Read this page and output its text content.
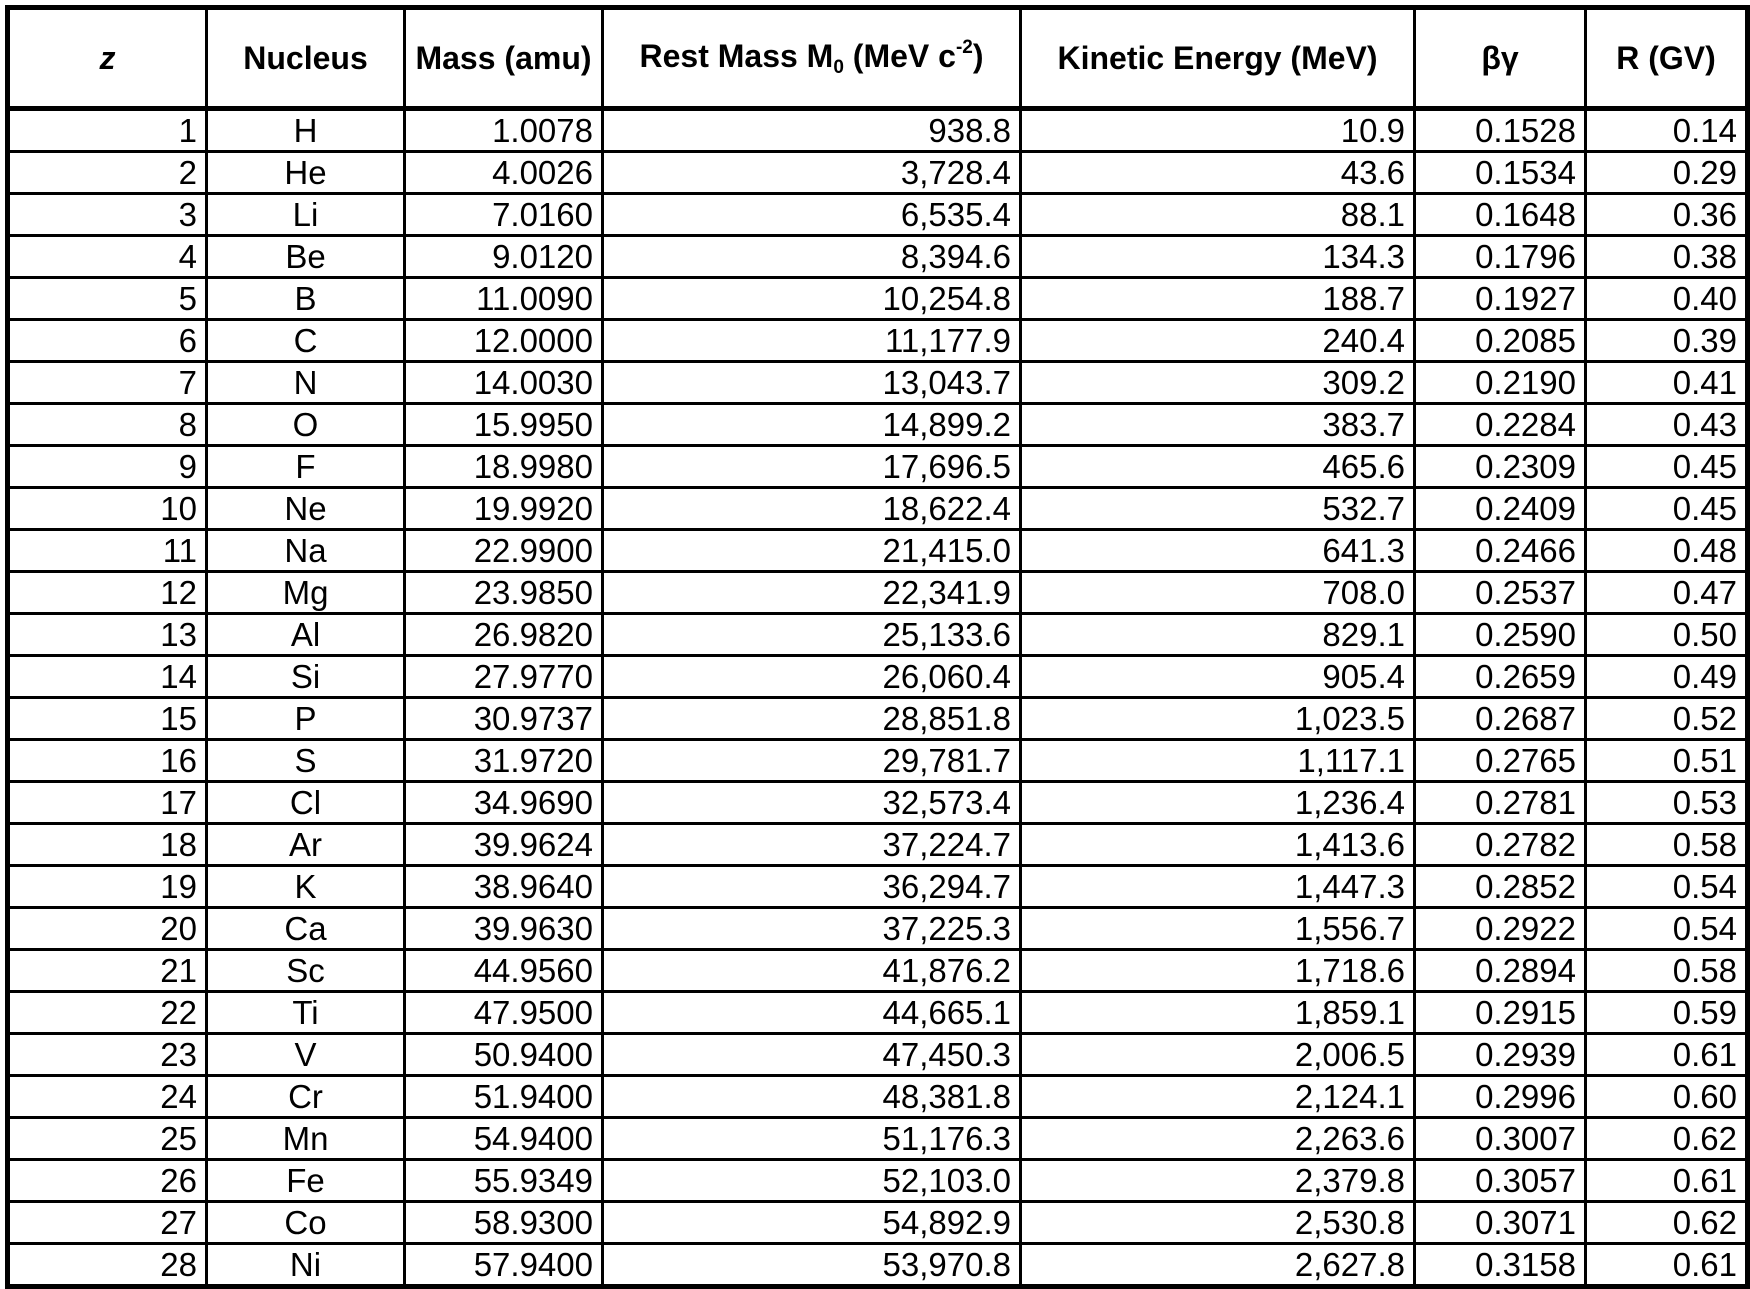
z	Nucleus	Mass (amu)	Rest Mass $M_0$ (MeV $c^{-2}$)	Kinetic Energy (MeV)	βγ	R (GV)
1	H	1.0078	938.8	10.9	0.1528	0.14
2	He	4.0026	3,728.4	43.6	0.1534	0.29
3	Li	7.0160	6,535.4	88.1	0.1648	0.36
4	Be	9.0120	8,394.6	134.3	0.1796	0.38
5	B	11.0090	10,254.8	188.7	0.1927	0.40
6	C	12.0000	11,177.9	240.4	0.2085	0.39
7	N	14.0030	13,043.7	309.2	0.2190	0.41
8	O	15.9950	14,899.2	383.7	0.2284	0.43
9	F	18.9980	17,696.5	465.6	0.2309	0.45
10	Ne	19.9920	18,622.4	532.7	0.2409	0.45
11	Na	22.9900	21,415.0	641.3	0.2466	0.48
12	Mg	23.9850	22,341.9	708.0	0.2537	0.47
13	Al	26.9820	25,133.6	829.1	0.2590	0.50
14	Si	27.9770	26,060.4	905.4	0.2659	0.49
15	P	30.9737	28,851.8	1,023.5	0.2687	0.52
16	S	31.9720	29,781.7	1,117.1	0.2765	0.51
17	Cl	34.9690	32,573.4	1,236.4	0.2781	0.53
18	Ar	39.9624	37,224.7	1,413.6	0.2782	0.58
19	K	38.9640	36,294.7	1,447.3	0.2852	0.54
20	Ca	39.9630	37,225.3	1,556.7	0.2922	0.54
21	Sc	44.9560	41,876.2	1,718.6	0.2894	0.58
22	Ti	47.9500	44,665.1	1,859.1	0.2915	0.59
23	V	50.9400	47,450.3	2,006.5	0.2939	0.61
24	Cr	51.9400	48,381.8	2,124.1	0.2996	0.60
25	Mn	54.9400	51,176.3	2,263.6	0.3007	0.62
26	Fe	55.9349	52,103.0	2,379.8	0.3057	0.61
27	Co	58.9300	54,892.9	2,530.8	0.3071	0.62
28	Ni	57.9400	53,970.8	2,627.8	0.3158	0.61
